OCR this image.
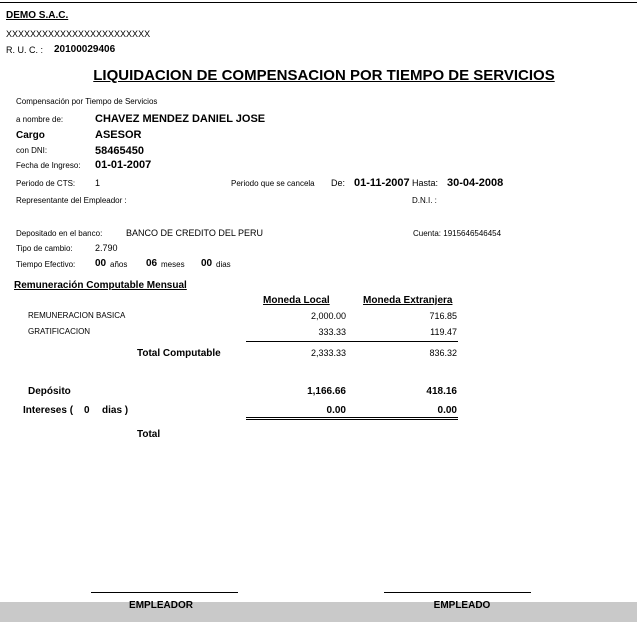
DEMO S.A.C.
XXXXXXXXXXXXXXXXXXXXXXXX
R. U. C. : 20100029406
LIQUIDACION DE COMPENSACION POR TIEMPO DE SERVICIOS
Compensación por Tiempo de Servicios
a nombre de:	CHAVEZ MENDEZ DANIEL JOSE
Cargo	ASESOR
con DNI:	58465450
Fecha de Ingreso: 01-01-2007
Periodo de CTS: 1	Periodo que se cancela De: 01-11-2007 Hasta: 30-04-2008
Representante del Empleador :	D.N.I. :
Depositado en el banco:	BANCO DE CREDITO DEL PERU	Cuenta: 1915646546454
Tipo de cambio: 2.790
Tiempo Efectivo: 00 años 06 meses 00 dias
Remuneración Computable Mensual
Moneda Local	Moneda Extranjera
REMUNERACION BASICA	2,000.00	716.85
GRATIFICACION	333.33	119.47
Total Computable	2,333.33	836.32
Depósito	1,166.66	418.16
Intereses ( 0 dias )	0.00	0.00
Total
EMPLEADOR	EMPLEADO
